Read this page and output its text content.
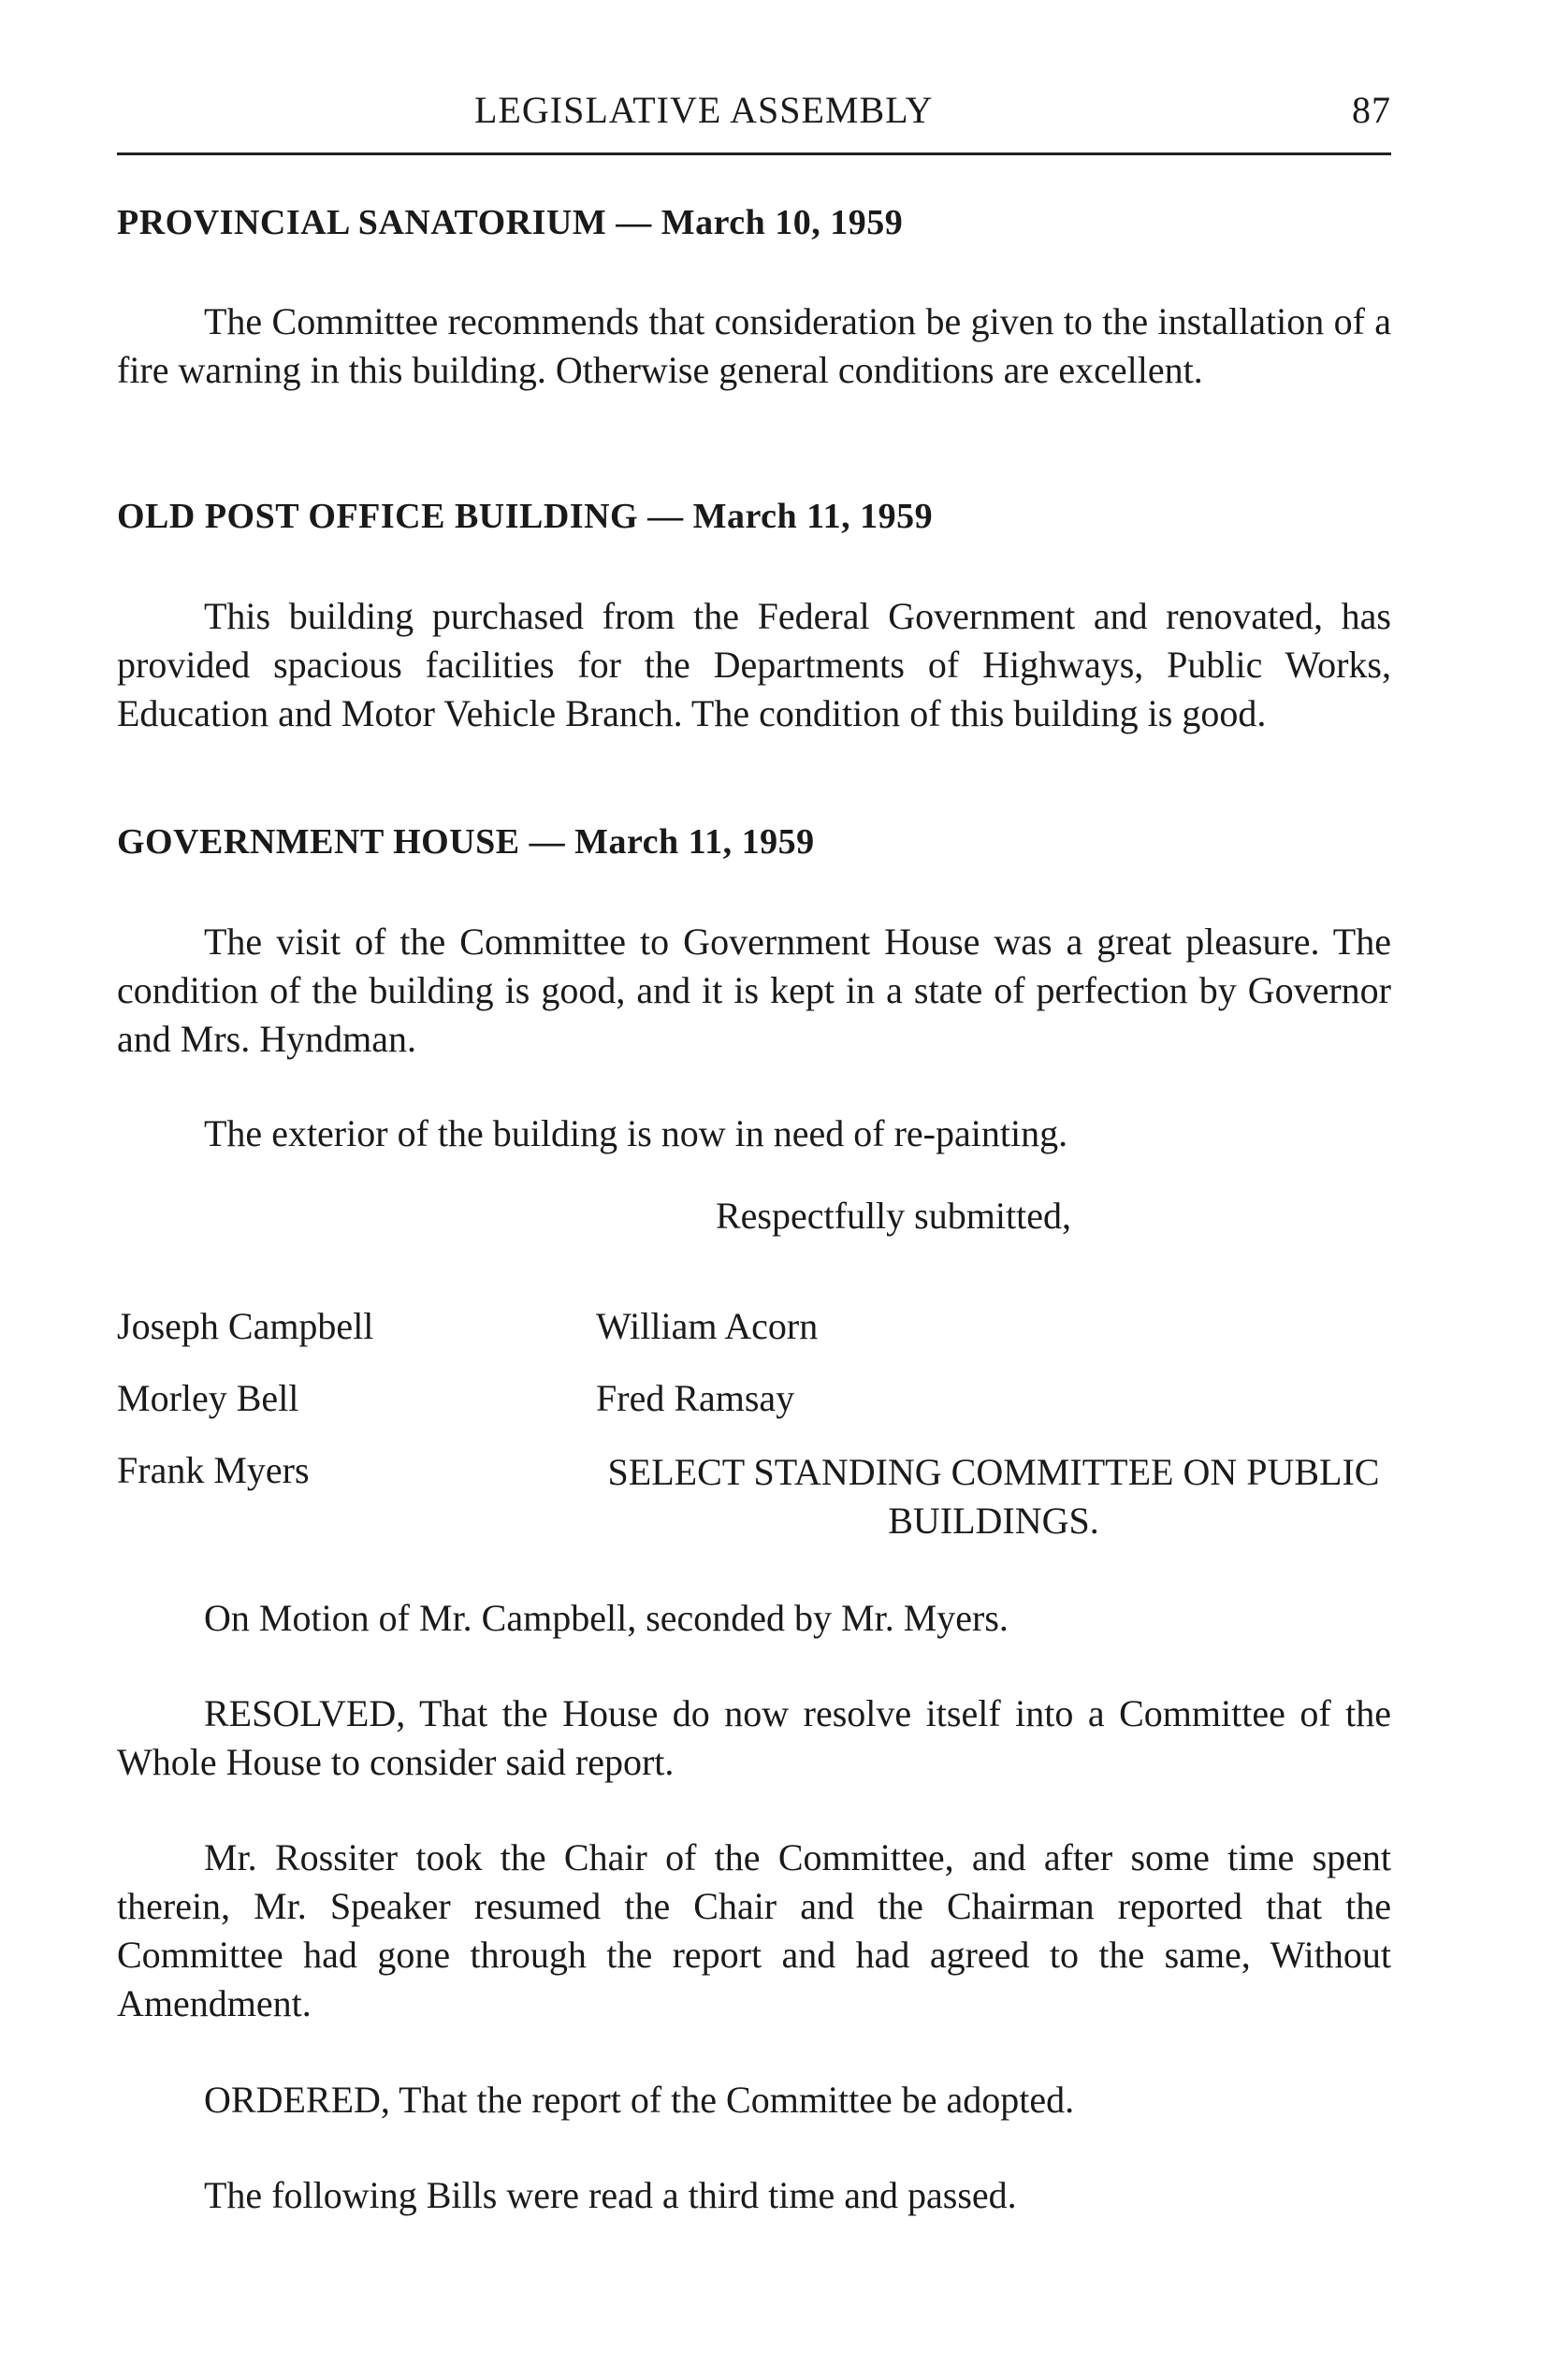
LEGISLATIVE ASSEMBLY	87
PROVINCIAL SANATORIUM — March 10, 1959
The Committee recommends that consideration be given to the installation of a fire warning in this building. Otherwise general conditions are excellent.
OLD POST OFFICE BUILDING — March 11, 1959
This building purchased from the Federal Government and renovated, has provided spacious facilities for the Departments of Highways, Public Works, Education and Motor Vehicle Branch. The condition of this building is good.
GOVERNMENT HOUSE — March 11, 1959
The visit of the Committee to Government House was a great pleasure. The condition of the building is good, and it is kept in a state of perfection by Governor and Mrs. Hyndman.
The exterior of the building is now in need of re-painting.
Respectfully submitted,
Joseph Campbell
Morley Bell
Frank Myers
William Acorn
Fred Ramsay
SELECT STANDING COMMITTEE ON PUBLIC BUILDINGS.
On Motion of Mr. Campbell, seconded by Mr. Myers.
RESOLVED, That the House do now resolve itself into a Committee of the Whole House to consider said report.
Mr. Rossiter took the Chair of the Committee, and after some time spent therein, Mr. Speaker resumed the Chair and the Chairman reported that the Committee had gone through the report and had agreed to the same, Without Amendment.
ORDERED, That the report of the Committee be adopted.
The following Bills were read a third time and passed.
